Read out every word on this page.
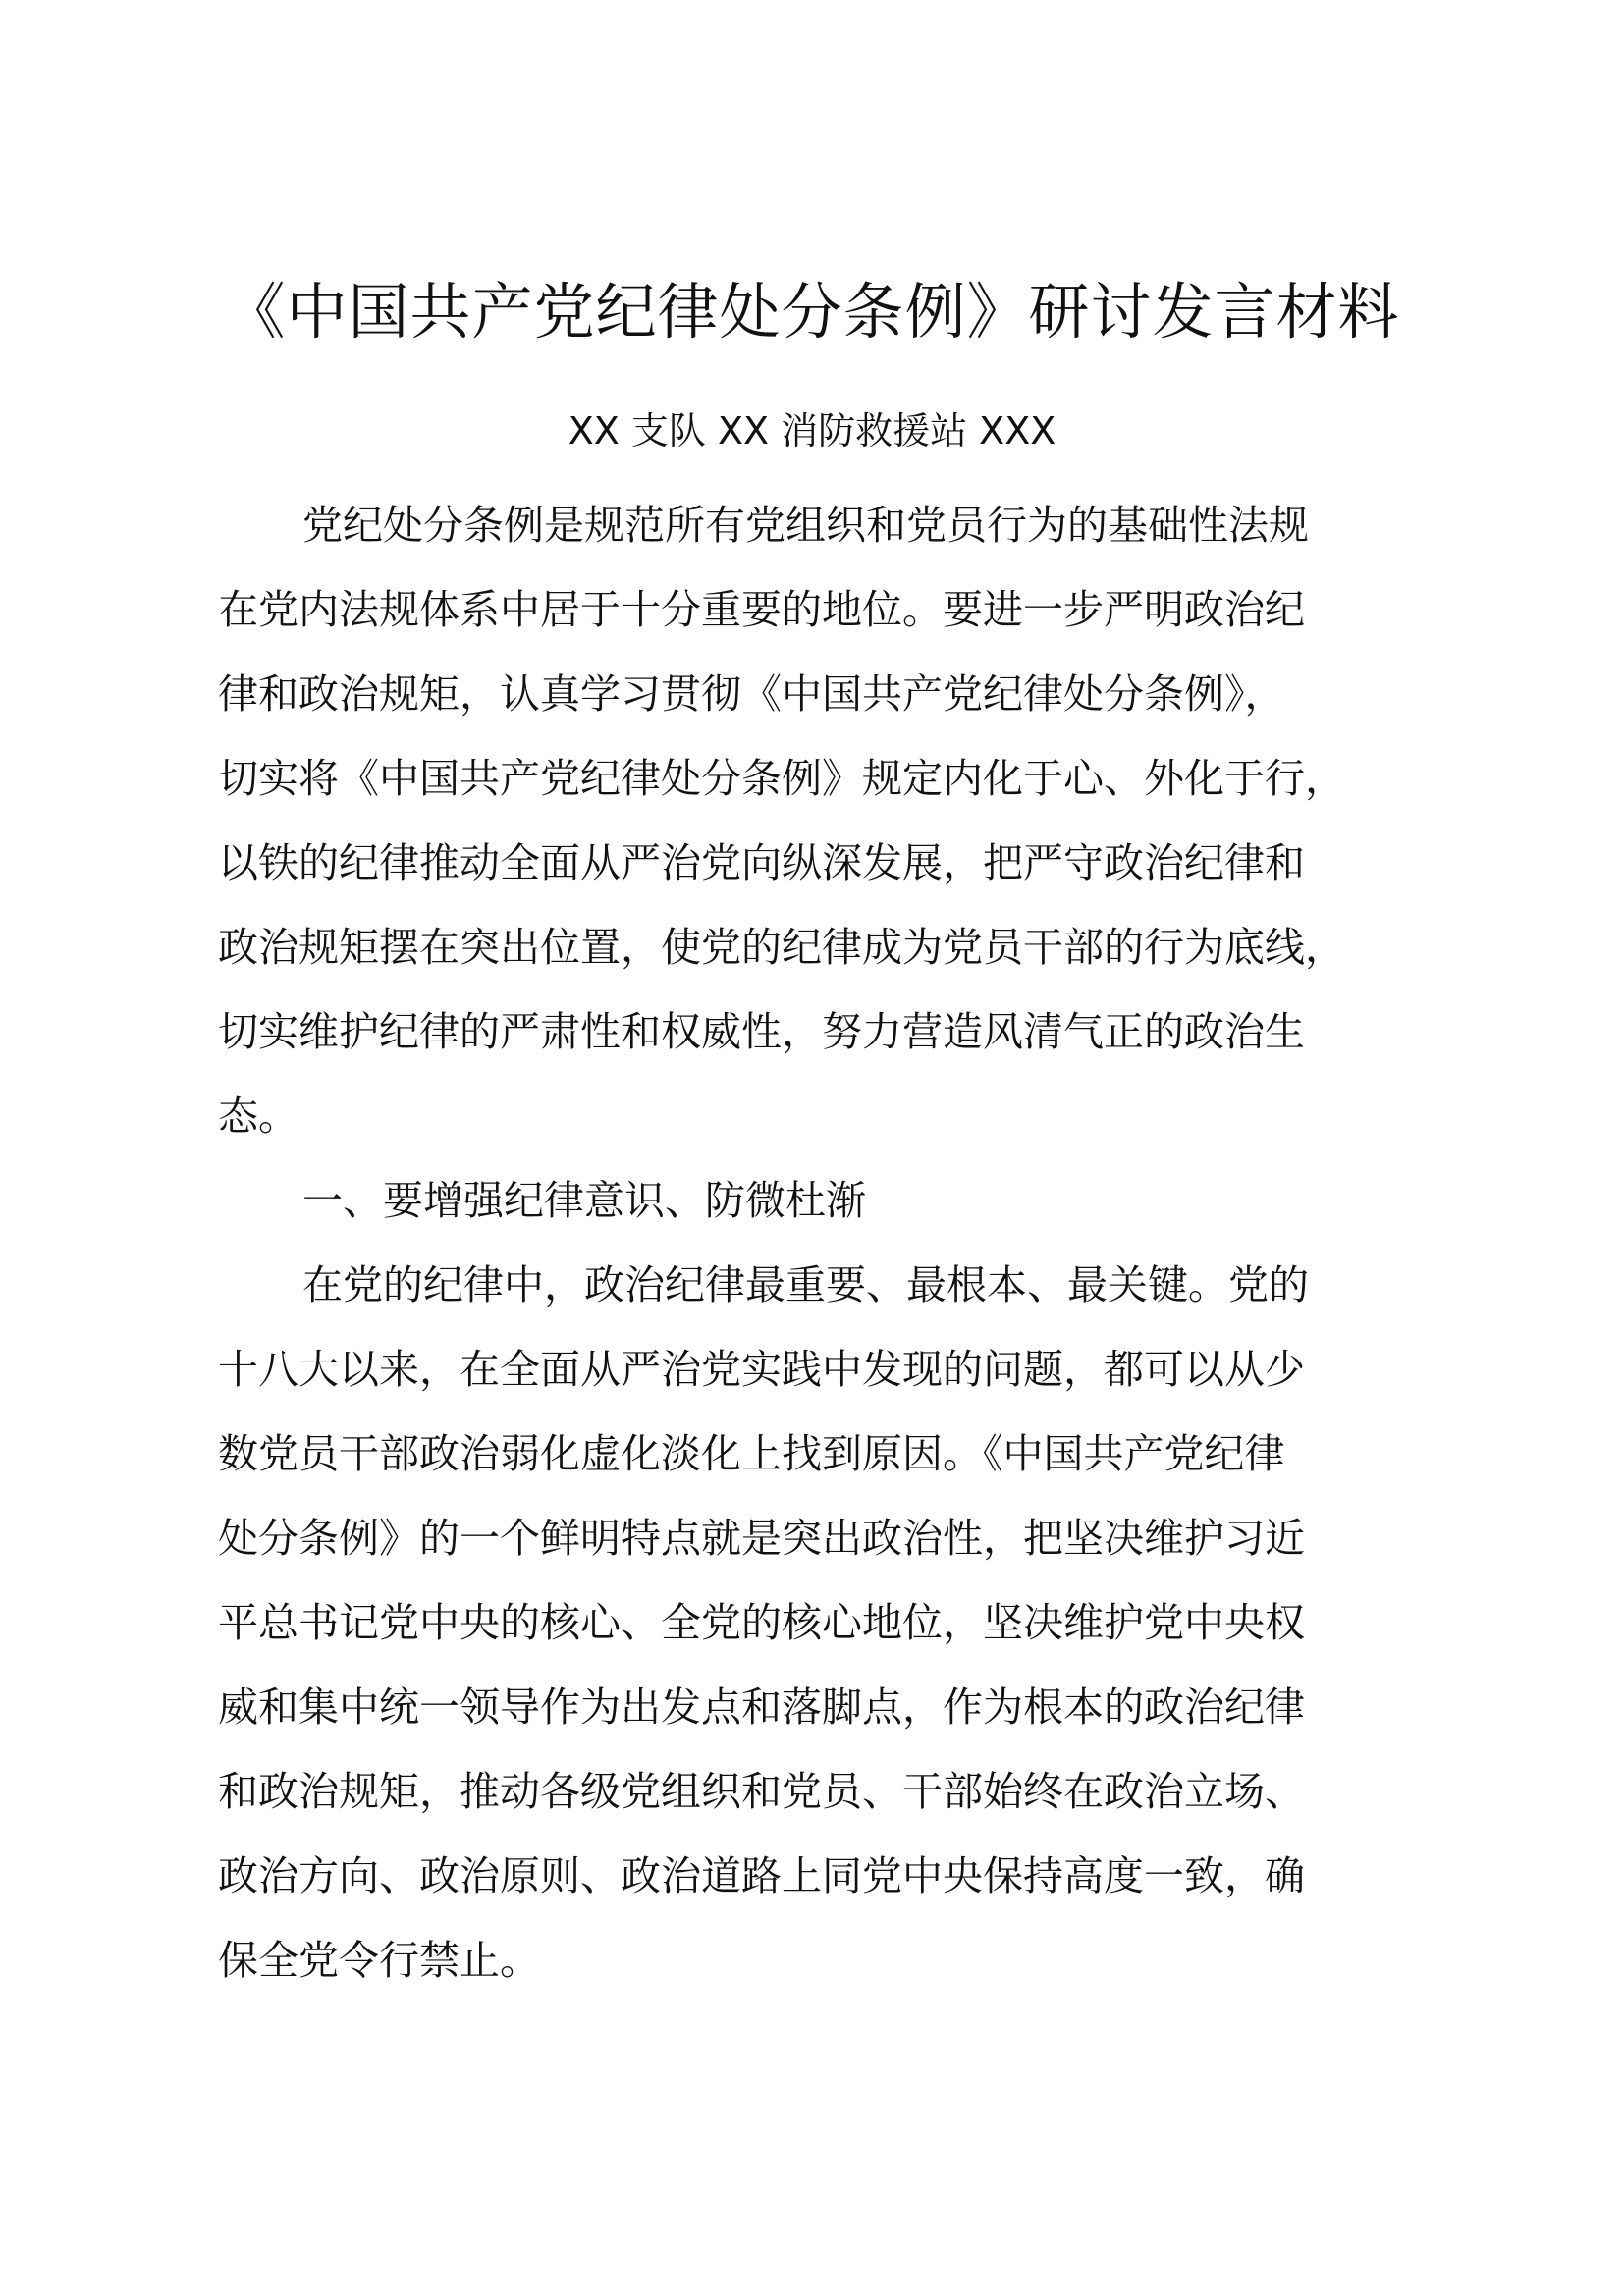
《中国共产党纪律处分条例》研讨发言材料
XX 支队 XX 消防救援站 XXX
党纪处分条例是规范所有党组织和党员行为的基础性法规
在党内法规体系中居于十分重要的地位。要进一步严明政治纪
律和政治规矩，认真学习贯彻《中国共产党纪律处分条例》，
切实将《中国共产党纪律处分条例》规定内化于心、外化于行，
以铁的纪律推动全面从严治党向纵深发展，把严守政治纪律和
政治规矩摆在突出位置，使党的纪律成为党员干部的行为底线，
切实维护纪律的严肃性和权威性，努力营造风清气正的政治生
态。
一、要增强纪律意识、防微杜渐
在党的纪律中，政治纪律最重要、最根本、最关键。党的
十八大以来，在全面从严治党实践中发现的问题，都可以从少
数党员干部政治弱化虚化淡化上找到原因。《中国共产党纪律
处分条例》的一个鲜明特点就是突出政治性，把坚决维护习近
平总书记党中央的核心、全党的核心地位，坚决维护党中央权
威和集中统一领导作为出发点和落脚点，作为根本的政治纪律
和政治规矩，推动各级党组织和党员、干部始终在政治立场、
政治方向、政治原则、政治道路上同党中央保持高度一致，确
保全党令行禁止。
